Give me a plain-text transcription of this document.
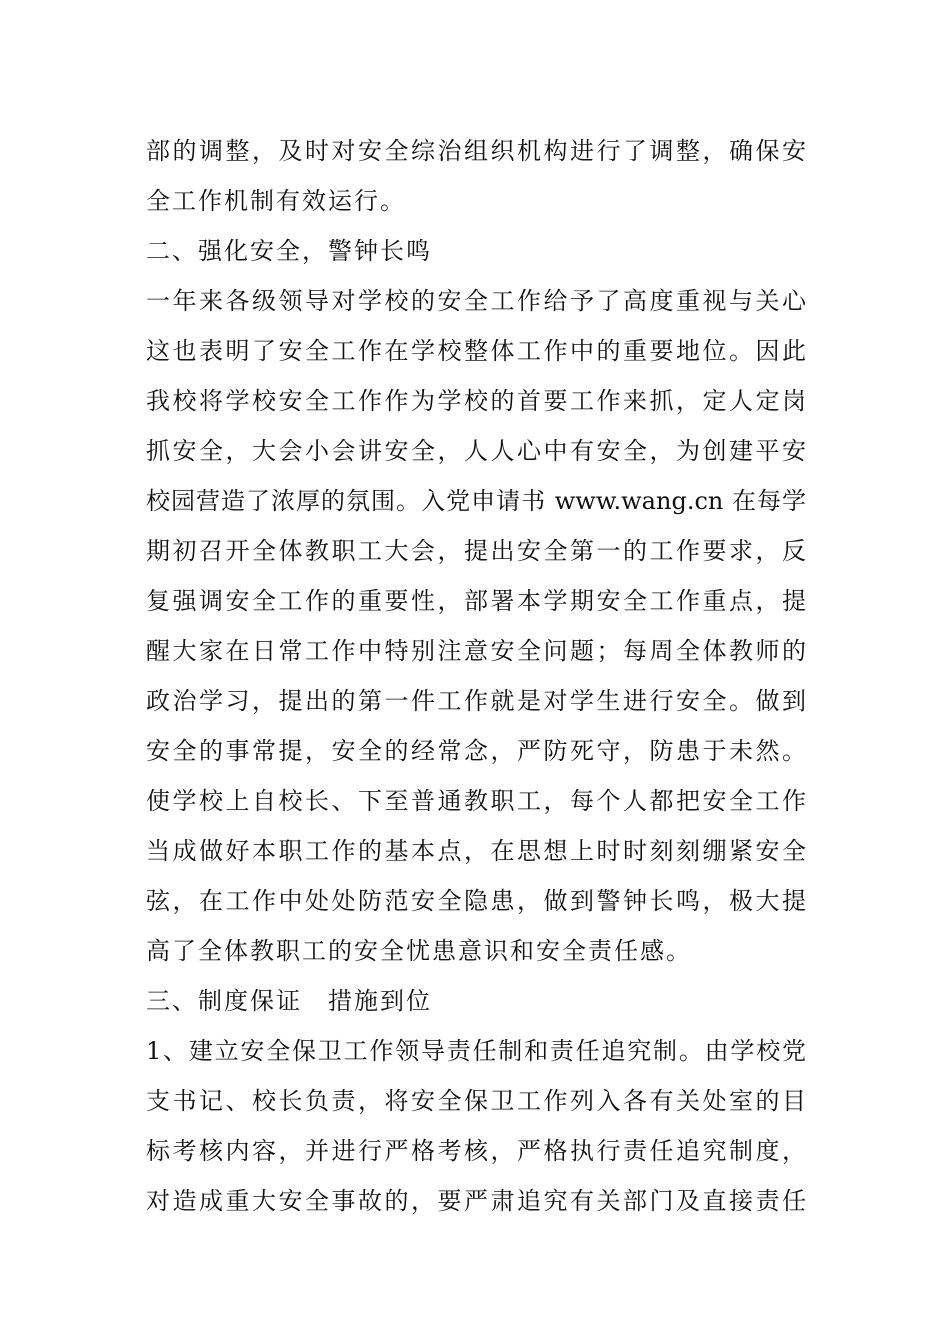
部的调整，及时对安全综治组织机构进行了调整，确保安
全工作机制有效运行。
二、强化安全，警钟长鸣
一年来各级领导对学校的安全工作给予了高度重视与关心
这也表明了安全工作在学校整体工作中的重要地位。因此
我校将学校安全工作作为学校的首要工作来抓，定人定岗
抓安全，大会小会讲安全，人人心中有安全，为创建平安
校园营造了浓厚的氛围。入党申请书 www.wang.cn 在每学
期初召开全体教职工大会，提出安全第一的工作要求，反
复强调安全工作的重要性，部署本学期安全工作重点，提
醒大家在日常工作中特别注意安全问题；每周全体教师的
政治学习，提出的第一件工作就是对学生进行安全。做到
安全的事常提，安全的经常念，严防死守，防患于未然。
使学校上自校长、下至普通教职工，每个人都把安全工作
当成做好本职工作的基本点，在思想上时时刻刻绷紧安全
弦，在工作中处处防范安全隐患，做到警钟长鸣，极大提
高了全体教职工的安全忧患意识和安全责任感。
三、制度保证　措施到位
1、建立安全保卫工作领导责任制和责任追究制。由学校党
支书记、校长负责，将安全保卫工作列入各有关处室的目
标考核内容，并进行严格考核，严格执行责任追究制度，
对造成重大安全事故的，要严肃追究有关部门及直接责任
